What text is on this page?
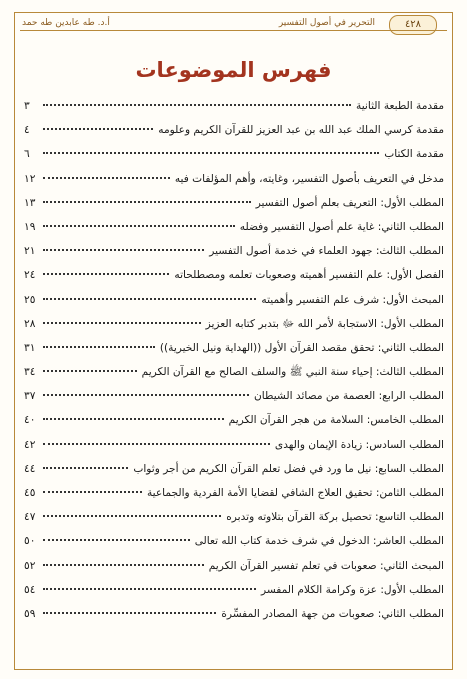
٤٢٨
التحرير في أصول التفسير
أ.د. طه عابدين طه حمد
فهرس الموضوعات
مقدمة الطبعة الثانية
٣
مقدمة كرسي الملك عبد الله بن عبد العزيز للقرآن الكريم وعلومه
٤
مقدمة الكتاب
٦
مدخل في التعريف بأصول التفسير، وغايته، وأهم المؤلفات فيه
١٢
المطلب الأول: التعريف بعلم أصول التفسير
١٣
المطلب الثاني: غاية علم أصول التفسير وفضله
١٩
المطلب الثالث: جهود العلماء في خدمة أصول التفسير
٢١
الفصل الأول: علم التفسير أهميته وصعوبات تعلمه ومصطلحاته
٢٤
المبحث الأول: شرف علم التفسير وأهميته
٢٥
المطلب الأول: الاستجابة لأمر الله ﷻ بتدبر كتابه العزيز
٢٨
المطلب الثاني: تحقق مقصد القرآن الأول ((الهداية ونيل الخيرية))
٣١
المطلب الثالث: إحياء سنة النبي ﷺ والسلف الصالح مع القرآن الكريم
٣٤
المطلب الرابع: العصمة من مصائد الشيطان
٣٧
المطلب الخامس: السلامة من هجر القرآن الكريم
٤٠
المطلب السادس: زيادة الإيمان والهدى
٤٢
المطلب السابع: نيل ما ورد في فضل تعلم القرآن الكريم من أجر وثواب
٤٤
المطلب الثامن: تحقيق العلاج الشافي لقضايا الأمة الفردية والجماعية
٤٥
المطلب التاسع: تحصيل بركة القرآن بتلاوته وتدبره
٤٧
المطلب العاشر: الدخول في شرف خدمة كتاب الله تعالى
٥٠
المبحث الثاني: صعوبات في تعلم تفسير القرآن الكريم
٥٢
المطلب الأول: عزة وكرامة الكلام المفسر
٥٤
المطلب الثاني: صعوبات من جهة المصادر المفسِّرة
٥٩
